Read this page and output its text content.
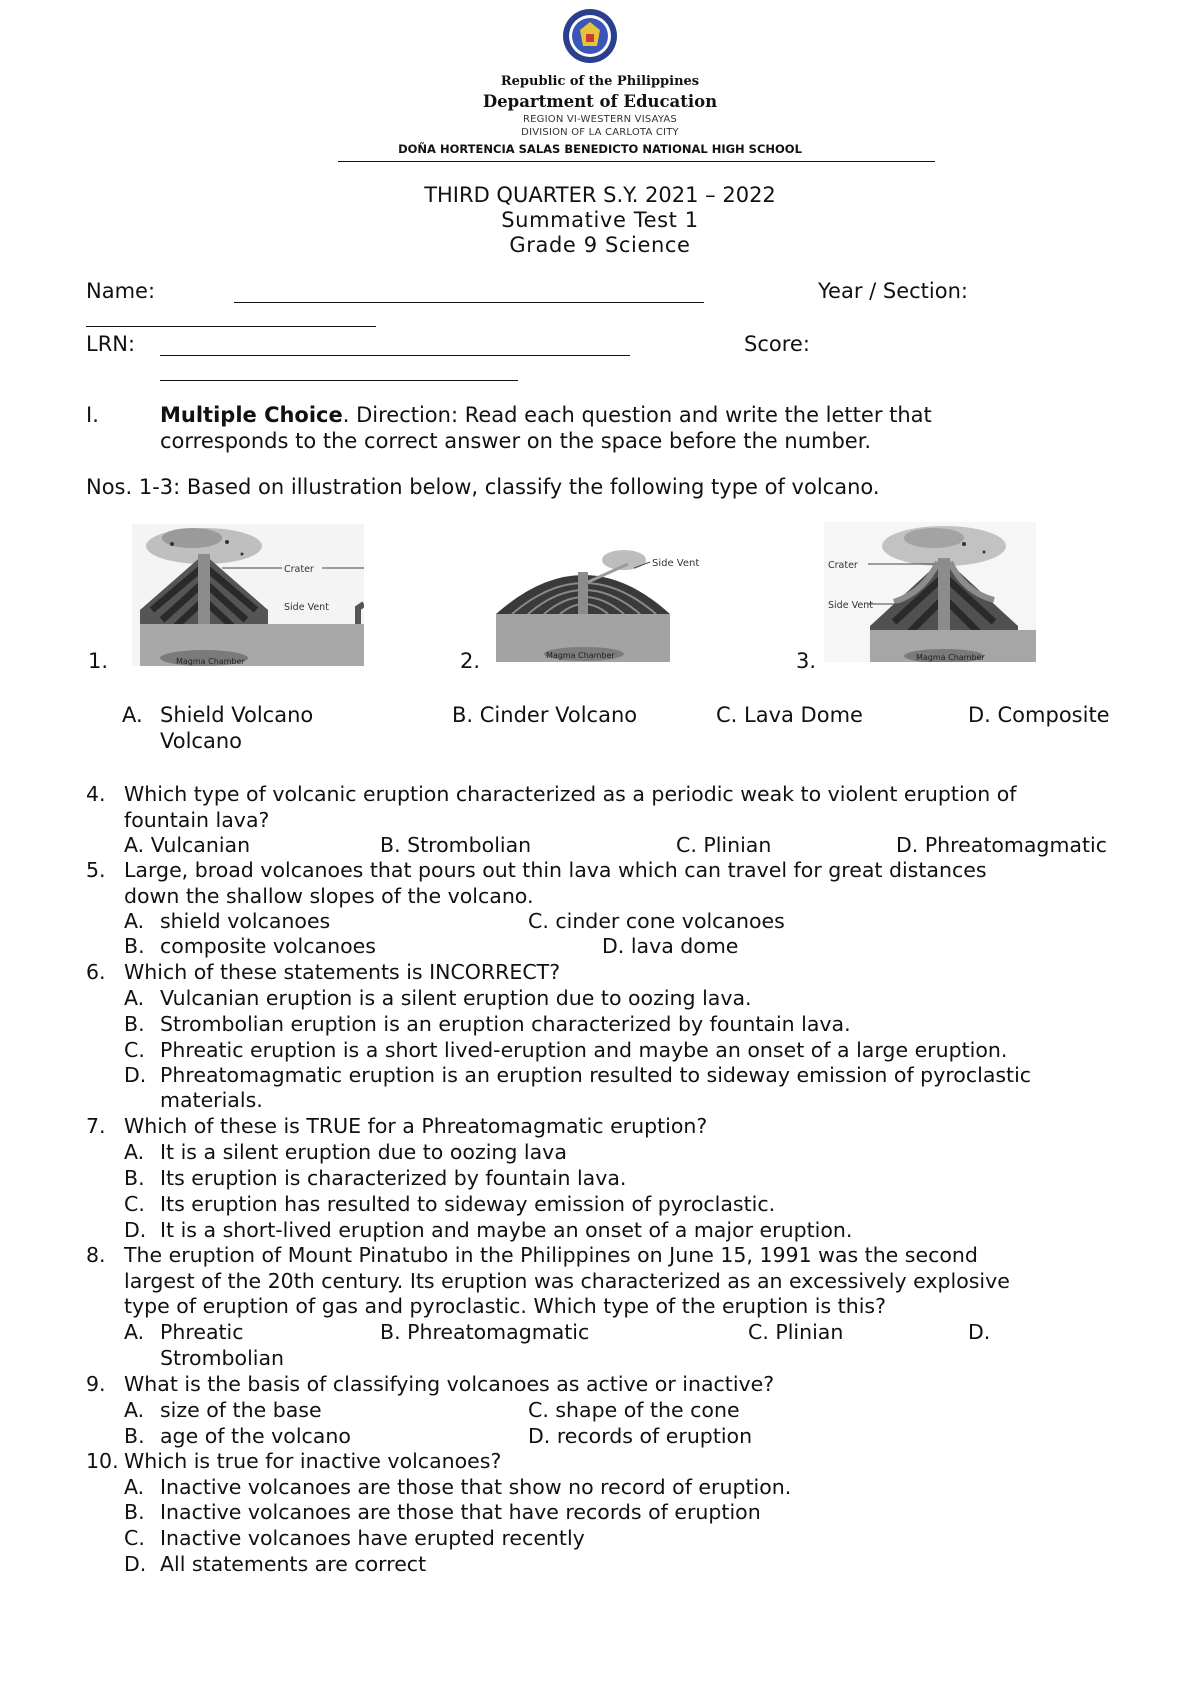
Republic of the Philippines
Department of Education
REGION VI-WESTERN VISAYAS
DIVISION OF LA CARLOTA CITY
DOÑA HORTENCIA SALAS BENEDICTO NATIONAL HIGH SCHOOL
THIRD QUARTER S.Y. 2021 – 2022
Summative Test 1
Grade 9 Science
Name:	Year / Section:
LRN:	Score:
I.	Multiple Choice. Direction: Read each question and write the letter that
corresponds to the correct answer on the space before the number.
Nos. 1-3: Based on illustration below, classify the following type of volcano.
1.
Crater
Side Vent
Magma Chamber	2.
Side Vent
Magma Chamber	3.
Crater
Side Vent
Magma Chamber
A. Shield Volcano	B. Cinder Volcano	C. Lava Dome	D. Composite
Volcano
4. Which type of volcanic eruption characterized as a periodic weak to violent eruption of
fountain lava?
A. Vulcanian	B. Strombolian	C. Plinian	D. Phreatomagmatic
5. Large, broad volcanoes that pours out thin lava which can travel for great distances
down the shallow slopes of the volcano.
A. shield volcanoes	C. cinder cone volcanoes
B. composite volcanoes	D. lava dome
6. Which of these statements is INCORRECT?
A. Vulcanian eruption is a silent eruption due to oozing lava.
B. Strombolian eruption is an eruption characterized by fountain lava.
C. Phreatic eruption is a short lived-eruption and maybe an onset of a large eruption.
D. Phreatomagmatic eruption is an eruption resulted to sideway emission of pyroclastic
materials.
7. Which of these is TRUE for a Phreatomagmatic eruption?
A. It is a silent eruption due to oozing lava
B. Its eruption is characterized by fountain lava.
C. Its eruption has resulted to sideway emission of pyroclastic.
D. It is a short-lived eruption and maybe an onset of a major eruption.
8. The eruption of Mount Pinatubo in the Philippines on June 15, 1991 was the second
largest of the 20th century. Its eruption was characterized as an excessively explosive
type of eruption of gas and pyroclastic. Which type of the eruption is this?
A. Phreatic	B. Phreatomagmatic	C. Plinian	D.
Strombolian
9. What is the basis of classifying volcanoes as active or inactive?
A. size of the base	C. shape of the cone
B. age of the volcano	D. records of eruption
10. Which is true for inactive volcanoes?
A. Inactive volcanoes are those that show no record of eruption.
B. Inactive volcanoes are those that have records of eruption
C. Inactive volcanoes have erupted recently
D. All statements are correct
